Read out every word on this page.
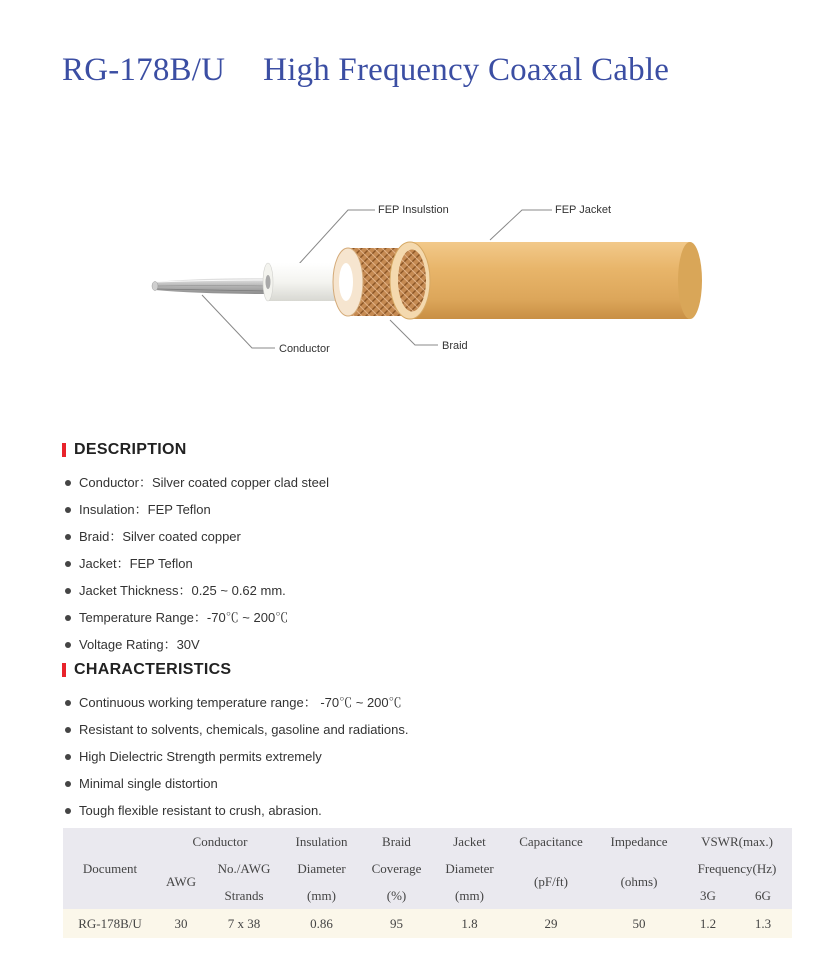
RG-178B/U High Frequency Coaxal Cable
FEP Insulstion	FEP Jacket
Conductor	Braid
DESCRIPTION
Conductor：Silver coated copper clad steel
Insulation：FEP Teflon
Braid：Silver coated copper
Jacket：FEP Teflon
Jacket Thickness：0.25 ~ 0.62 mm.
Temperature Range：-70℃ ~ 200℃
Voltage Rating：30V
CHARACTERISTICS
Continuous working temperature range： -70℃ ~ 200℃
Resistant to solvents, chemicals, gasoline and radiations.
High Dielectric Strength permits extremely
Minimal single distortion
Tough flexible resistant to crush, abrasion.
Document	Conductor		Insulation	Braid	Jacket	Capacitance	Impedance	VSWR(max.)	
	AWG	No./AWG	Diameter	Coverage	Diameter	(pF/ft)	(ohms)	Frequency(Hz)	
		Strands	(mm)	(%)	(mm)			3G	6G
RG-178B/U	30	7 x 38	0.86	95	1.8	29	50	1.2	1.3
